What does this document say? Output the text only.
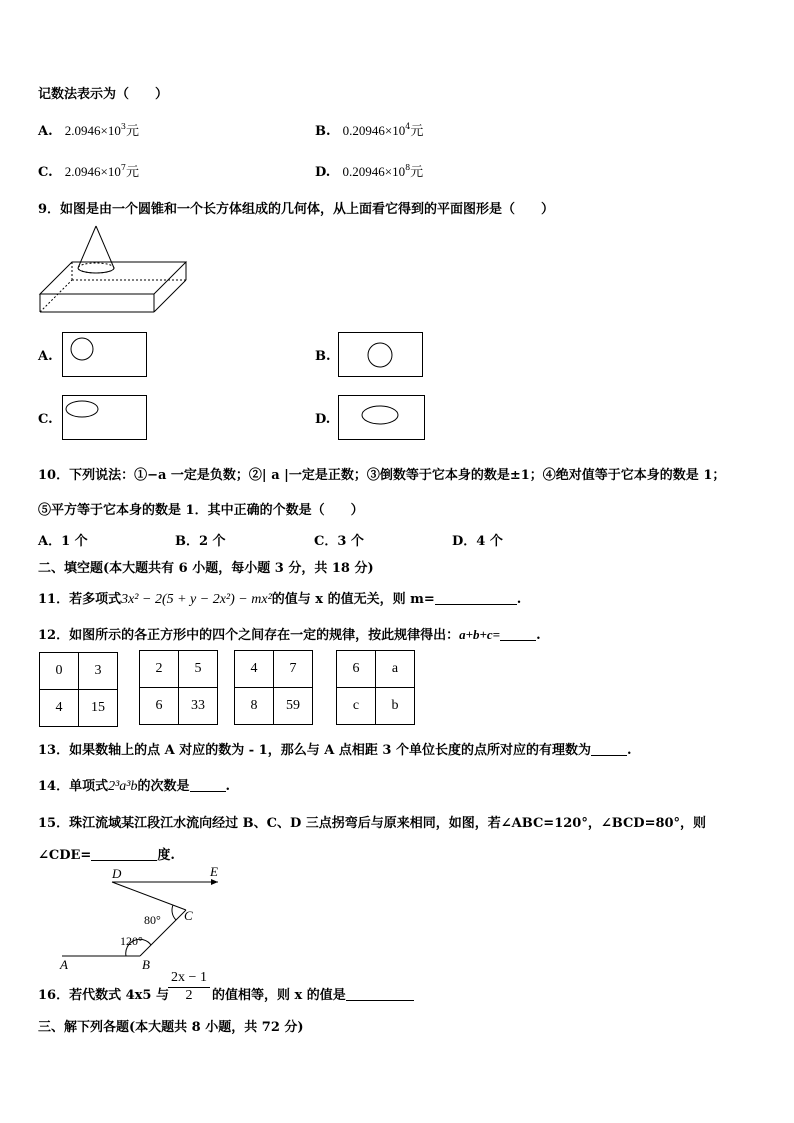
记数法表示为（　　）
A. $2.0946\times 10^3$元	B. $0.20946\times 10^4$元
C. $2.0946\times 10^7$元	D. $0.20946\times 10^8$元
9．如图是由一个圆锥和一个长方体组成的几何体，从上面看它得到的平面图形是（　　）
A.	B.
C.	D.
10．下列说法：①−a 一定是负数；②| a |一定是正数；③倒数等于它本身的数是±1；④绝对值等于它本身的数是 1；
⑤平方等于它本身的数是 1．其中正确的个数是（　　）
A．1 个	B．2 个	C．3 个	D．4 个
二、填空题(本大题共有 6 小题，每小题 3 分，共 18 分)
11．若多项式3x² − 2(5 + y − 2x²) − mx²的值与 x 的值无关，则 m=	.
12．如图所示的各正方形中的四个之间存在一定的规律，按此规律得出：a+b+c=	.
0	3
4	15
2	5
6	33
4	7
8	59
6	a
c	b
13．如果数轴上的点 A 对应的数为 - 1，那么与 A 点相距 3 个单位长度的点所对应的有理数为	.
14．单项式2³a³b的次数是	.
15．珠江流域某江段江水流向经过 B、C、D 三点拐弯后与原来相同，如图，若∠ABC=120°，∠BCD=80°，则
∠CDE=	度.
D	E
C
80°
120°
A	B
16．若代数式 4x5 与 $\frac{2x - 1}{2}$ 的值相等，则 x 的值是
三、解下列各题(本大题共 8 小题，共 72 分)
